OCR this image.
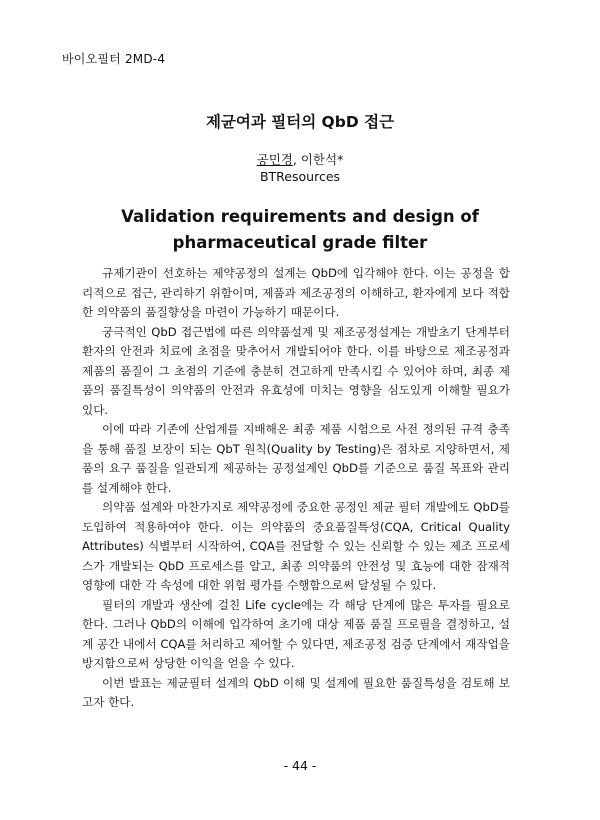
바이오필터 2MD-4
제균여과 필터의 QbD 접근
공민경, 이한석*
BTResources
Validation requirements and design of
pharmaceutical grade filter

규제기관이 선호하는 제약공정의 설계는 QbD에 입각해야 한다. 이는 공정을 합리적으로 접근, 관리하기 위함이며, 제품과 제조공정의 이해하고, 환자에게 보다 적합한 의약품의 품질향상을 마련이 가능하기 때문이다.

궁극적인 QbD 접근법에 따른 의약품설계 및 제조공정설계는 개발초기 단계부터 환자의 안전과 치료에 초점을 맞추어서 개발되어야 한다. 이를 바탕으로 제조공정과 제품의 품질이 그 초점의 기준에 충분히 견고하게 만족시킬 수 있어야 하며, 최종 제품의 품질특성이 의약품의 안전과 유효성에 미치는 영향을 심도있게 이해할 필요가 있다.

이에 따라 기존에 산업계를 지배해온 최종 제품 시험으로 사전 정의된 규격 충족을 통해 품질 보장이 되는 QbT 원칙(Quality by Testing)은 점차로 지양하면서, 제품의 요구 품질을 일관되게 제공하는 공정설계인 QbD를 기준으로 품질 목표와 관리를 설계해야 한다.

의약품 설계와 마찬가지로 제약공정에 중요한 공정인 제균 필터 개발에도 QbD를 도입하여 적용하여야 한다. 이는 의약품의 중요품질특성(CQA, Critical Quality Attributes) 식별부터 시작하여, CQA를 전달할 수 있는 신뢰할 수 있는 제조 프로세스가 개발되는 QbD 프로세스를 알고, 최종 의약품의 안전성 및 효능에 대한 잠재적 영향에 대한 각 속성에 대한 위험 평가를 수행함으로써 달성될 수 있다.

필터의 개발과 생산에 걸친 Life cycle에는 각 해당 단계에 많은 투자를 필요로 한다. 그러나 QbD의 이해에 입각하여 초기에 대상 제품 품질 프로필을 결정하고, 설계 공간 내에서 CQA를 처리하고 제어할 수 있다면, 제조공정 검증 단계에서 재작업을 방지함으로써 상당한 이익을 얻을 수 있다.

이번 발표는 제균필터 설계의 QbD 이해 및 설계에 필요한 품질특성을 검토해 보고자 한다.

- 44 -
